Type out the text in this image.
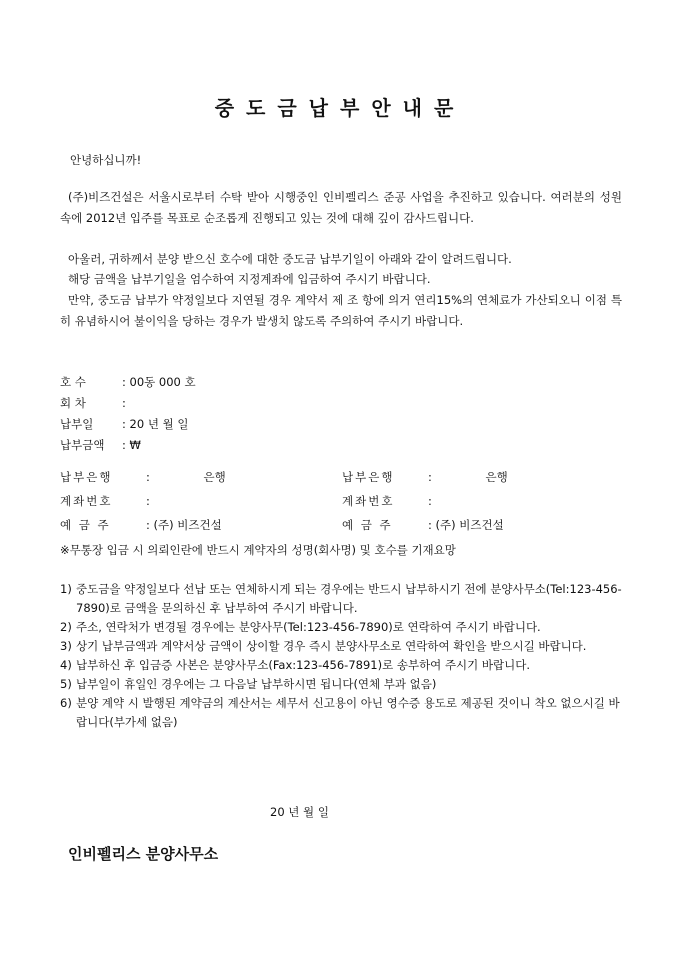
중도금납부안내문
안녕하십니까!
(주)비즈건설은 서울시로부터 수탁 받아 시행중인 인비펠리스 준공 사업을 추진하고 있습니다. 여러분의 성원 속에 2012년 입주를 목표로 순조롭게 진행되고 있는 것에 대해 깊이 감사드립니다.
아울러, 귀하께서 분양 받으신 호수에 대한 중도금 납부기일이 아래와 같이 알려드립니다.
해당 금액을 납부기일을 엄수하여 지정계좌에 입금하여 주시기 바랍니다.
만약, 중도금 납부가 약정일보다 지연될 경우 계약서 제 조 항에 의거 연리15%의 연체료가 가산되오니 이점 특히 유념하시어 불이익을 당하는 경우가 발생치 않도록 주의하여 주시기 바랍니다.
호 수	: 00동 000 호
회 차	:
납부일 : 20 년 월 일
납부금액 : ₩
납부은행	:	은행
계좌번호	:
예 금 주	: (주) 비즈건설
납부은행	:	은행
계좌번호	:
예 금 주	: (주) 비즈건설
※무통장 입금 시 의뢰인란에 반드시 계약자의 성명(회사명) 및 호수를 기재요망
1) 중도금을 약정일보다 선납 또는 연체하시게 되는 경우에는 반드시 납부하시기 전에 분양사무소(Tel:123-456-7890)로 금액을 문의하신 후 납부하여 주시기 바랍니다.
2) 주소, 연락처가 변경될 경우에는 분양사무(Tel:123-456-7890)로 연락하여 주시기 바랍니다.
3) 상기 납부금액과 계약서상 금액이 상이할 경우 즉시 분양사무소로 연락하여 확인을 받으시길 바랍니다.
4) 납부하신 후 입금증 사본은 분양사무소(Fax:123-456-7891)로 송부하여 주시기 바랍니다.
5) 납부일이 휴일인 경우에는 그 다음날 납부하시면 됩니다(연체 부과 없음)
6) 분양 계약 시 발행된 계약금의 계산서는 세무서 신고용이 아닌 영수증 용도로 제공된 것이니 착오 없으시길 바랍니다(부가세 없음)
20 년 월 일
인비펠리스 분양사무소
